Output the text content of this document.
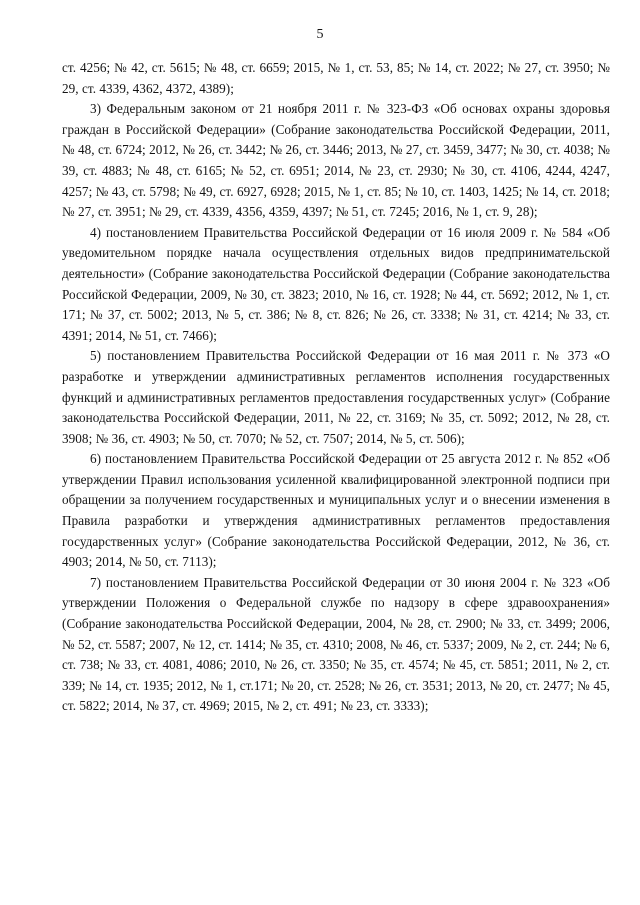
5

ст. 4256; № 42, ст. 5615; № 48, ст. 6659; 2015, № 1, ст. 53, 85; № 14, ст. 2022; № 27, ст. 3950; № 29, ст. 4339, 4362, 4372, 4389);

3) Федеральным законом от 21 ноября 2011 г. № 323-ФЗ «Об основах охраны здоровья граждан в Российской Федерации» (Собрание законодательства Российской Федерации, 2011, № 48, ст. 6724; 2012, № 26, ст. 3442; № 26, ст. 3446; 2013, № 27, ст. 3459, 3477; № 30, ст. 4038; № 39, ст. 4883; № 48, ст. 6165; № 52, ст. 6951; 2014, № 23, ст. 2930; № 30, ст. 4106, 4244, 4247, 4257; № 43, ст. 5798; № 49, ст. 6927, 6928; 2015, № 1, ст. 85; № 10, ст. 1403, 1425; № 14, ст. 2018; № 27, ст. 3951; № 29, ст. 4339, 4356, 4359, 4397; № 51, ст. 7245; 2016, № 1, ст. 9, 28);

4) постановлением Правительства Российской Федерации от 16 июля 2009 г. № 584 «Об уведомительном порядке начала осуществления отдельных видов предпринимательской деятельности» (Собрание законодательства Российской Федерации (Собрание законодательства Российской Федерации, 2009, № 30, ст. 3823; 2010, № 16, ст. 1928; № 44, ст. 5692; 2012, № 1, ст. 171; № 37, ст. 5002; 2013, № 5, ст. 386; № 8, ст. 826; № 26, ст. 3338; № 31, ст. 4214; № 33, ст. 4391; 2014, № 51, ст. 7466);

5) постановлением Правительства Российской Федерации от 16 мая 2011 г. № 373 «О разработке и утверждении административных регламентов исполнения государственных функций и административных регламентов предоставления государственных услуг» (Собрание законодательства Российской Федерации, 2011, № 22, ст. 3169; № 35, ст. 5092; 2012, № 28, ст. 3908; № 36, ст. 4903; № 50, ст. 7070; № 52, ст. 7507; 2014, № 5, ст. 506);

6) постановлением Правительства Российской Федерации от 25 августа 2012 г. № 852 «Об утверждении Правил использования усиленной квалифицированной электронной подписи при обращении за получением государственных и муниципальных услуг и о внесении изменения в Правила разработки и утверждения административных регламентов предоставления государственных услуг» (Собрание законодательства Российской Федерации, 2012, № 36, ст. 4903; 2014, № 50, ст. 7113);

7) постановлением Правительства Российской Федерации от 30 июня 2004 г. № 323 «Об утверждении Положения о Федеральной службе по надзору в сфере здравоохранения» (Собрание законодательства Российской Федерации, 2004, № 28, ст. 2900; № 33, ст. 3499; 2006, № 52, ст. 5587; 2007, № 12, ст. 1414; № 35, ст. 4310; 2008, № 46, ст. 5337; 2009, № 2, ст. 244; № 6, ст. 738; № 33, ст. 4081, 4086; 2010, № 26, ст. 3350; № 35, ст. 4574; № 45, ст. 5851; 2011, № 2, ст. 339; № 14, ст. 1935; 2012, № 1, ст.171; № 20, ст. 2528; № 26, ст. 3531; 2013, № 20, ст. 2477; № 45, ст. 5822; 2014, № 37, ст. 4969; 2015, № 2, ст. 491; № 23, ст. 3333);
